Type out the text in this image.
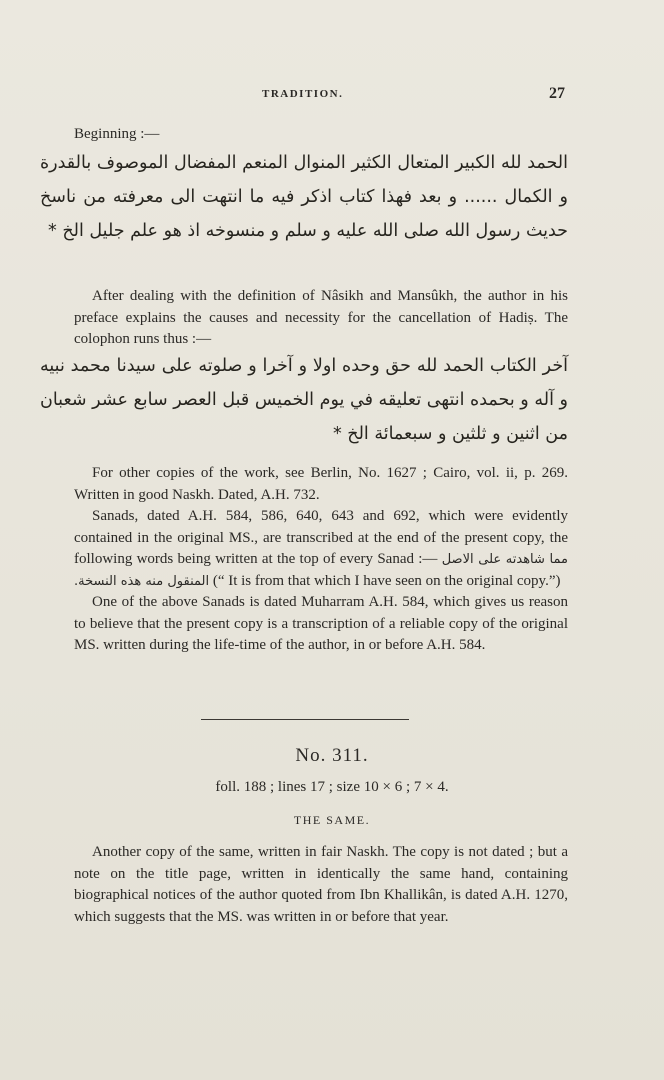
TRADITION.	27

Beginning :—

الحمد لله الكبير المتعال الكثير المنوال المنعم المفضال الموصوف بالقدرة و الكمال ...... و بعد فهذا كتاب اذكر فيه ما انتهت الى معرفته من ناسخ حديث رسول الله صلى الله عليه و سلم و منسوخه اذ هو علم جليل الخ *

After dealing with the definition of Nâsikh and Mansûkh, the author in his preface explains the causes and necessity for the cancellation of Hadiṣ. The colophon runs thus :—

آخر الكتاب الحمد لله حق وحده اولا و آخرا و صلوته على سيدنا محمد نبيه و آله و بحمده انتهى تعليقه في يوم الخميس قبل العصر سابع عشر شعبان من اثنين و ثلثين و سبعمائة الخ *

For other copies of the work, see Berlin, No. 1627 ; Cairo, vol. ii, p. 269. Written in good Naskh. Dated, A.H. 732.

Sanads, dated A.H. 584, 586, 640, 643 and 692, which were evidently contained in the original MS., are transcribed at the end of the present copy, the following words being written at the top of every Sanad :— مما شاهدته على الاصل المنقول منه هذه النسخة. (“ It is from that which I have seen on the original copy.”)

One of the above Sanads is dated Muharram A.H. 584, which gives us reason to believe that the present copy is a transcription of a reliable copy of the original MS. written during the life-time of the author, in or before A.H. 584.

No. 311.
foll. 188 ; lines 17 ; size 10 × 6 ; 7 × 4.
THE SAME.

Another copy of the same, written in fair Naskh. The copy is not dated ; but a note on the title page, written in identically the same hand, containing biographical notices of the author quoted from Ibn Khallikân, is dated A.H. 1270, which suggests that the MS. was written in or before that year.
